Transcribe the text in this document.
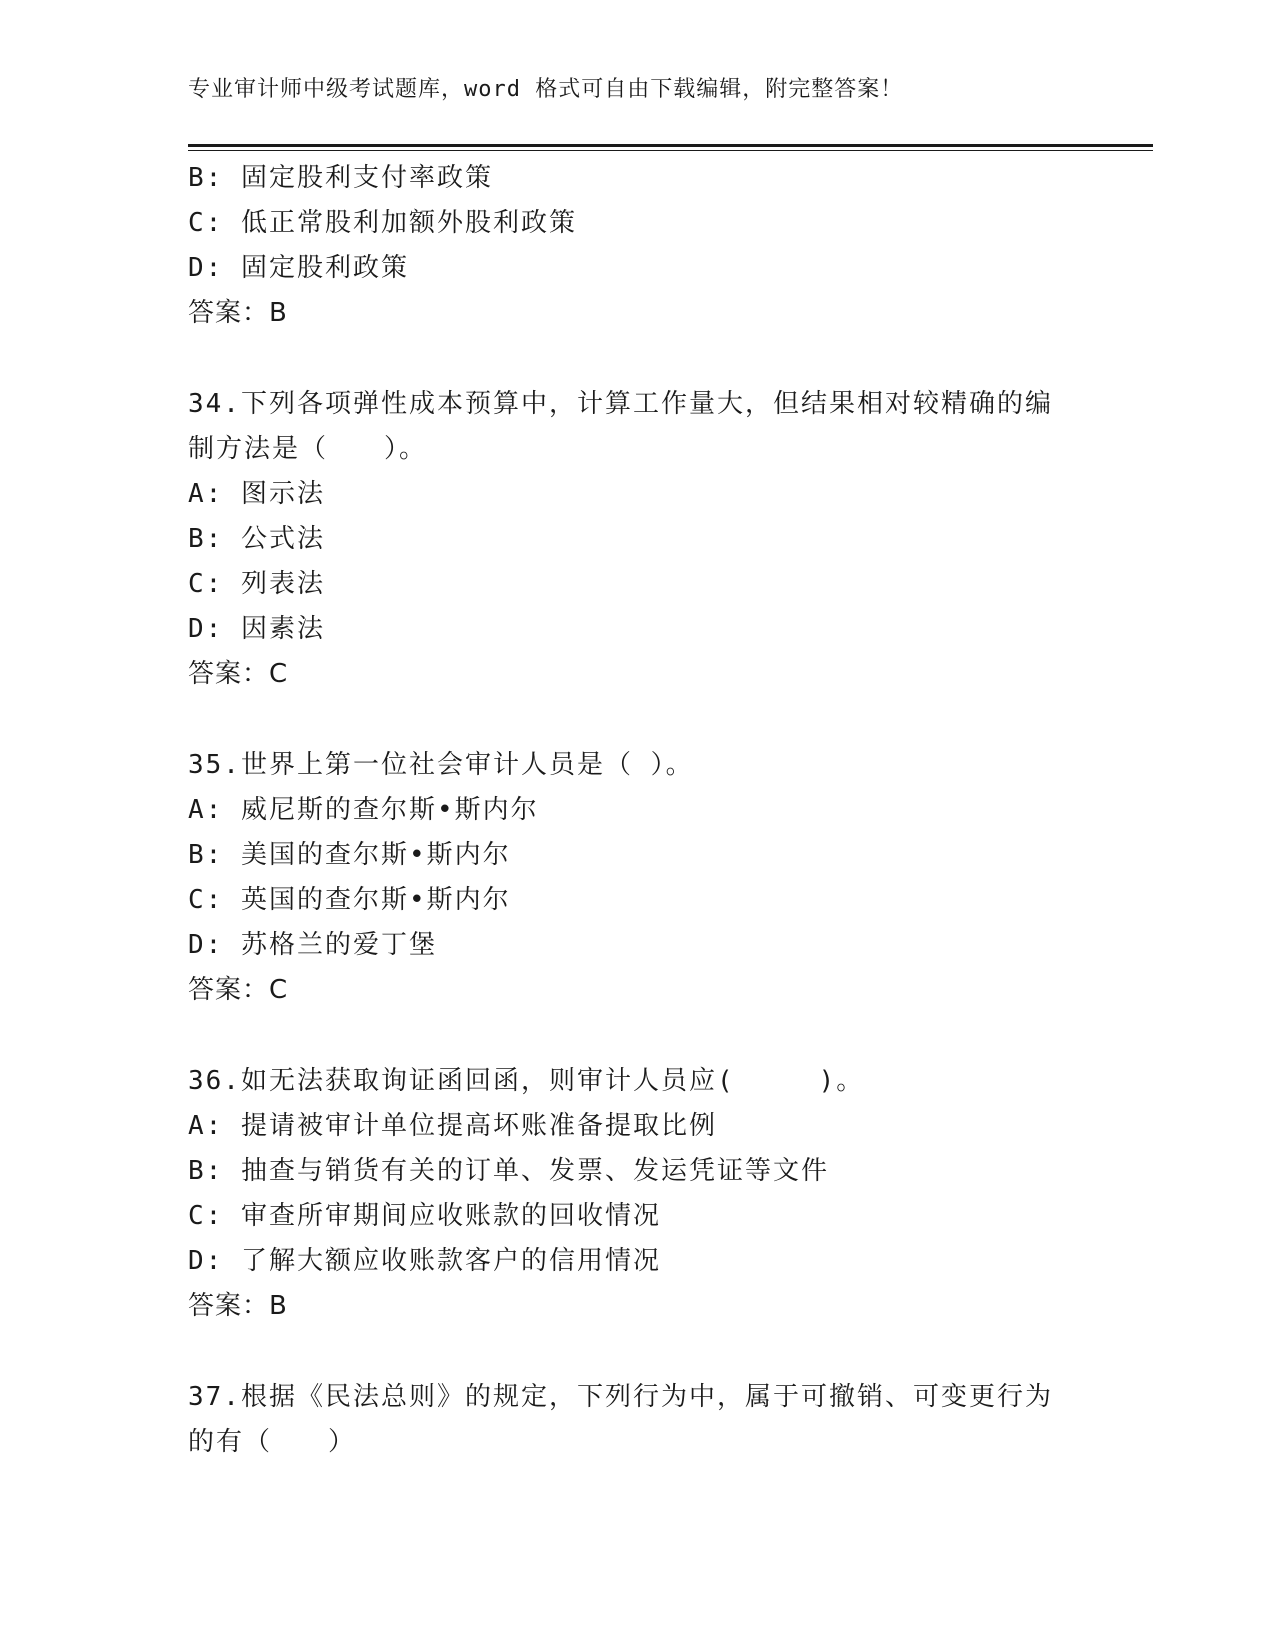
专业审计师中级考试题库，word 格式可自由下载编辑，附完整答案！
B: 固定股利支付率政策
C: 低正常股利加额外股利政策
D: 固定股利政策
答案：B
34.下列各项弹性成本预算中，计算工作量大，但结果相对较精确的编
制方法是（　　）。
A: 图示法
B: 公式法
C: 列表法
D: 因素法
答案：C
35.世界上第一位社会审计人员是（ ）。
A: 威尼斯的查尔斯•斯内尔
B: 美国的查尔斯•斯内尔
C: 英国的查尔斯•斯内尔
D: 苏格兰的爱丁堡
答案：C
36.如无法获取询证函回函，则审计人员应(　　　)。
A: 提请被审计单位提高坏账准备提取比例
B: 抽查与销货有关的订单、发票、发运凭证等文件
C: 审查所审期间应收账款的回收情况
D: 了解大额应收账款客户的信用情况
答案：B
37.根据《民法总则》的规定，下列行为中，属于可撤销、可变更行为
的有（　　）
